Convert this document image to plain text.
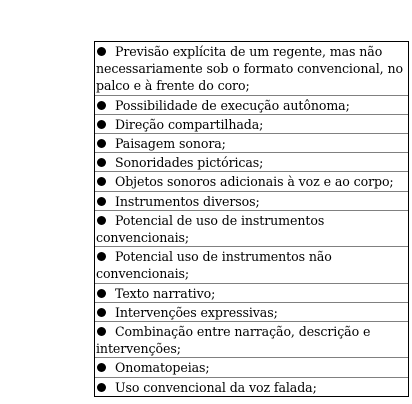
Previsão explícita de um regente, mas não necessariamente sob o formato convencional, no palco e à frente do coro;
Possibilidade de execução autônoma;
Direção compartilhada;
Paisagem sonora;
Sonoridades pictóricas;
Objetos sonoros adicionais à voz e ao corpo;
Instrumentos diversos;
Potencial de uso de instrumentos convencionais;
Potencial uso de instrumentos não convencionais;
Texto narrativo;
Intervenções expressivas;
Combinação entre narração, descrição e intervenções;
Onomatopeias;
Uso convencional da voz falada;
